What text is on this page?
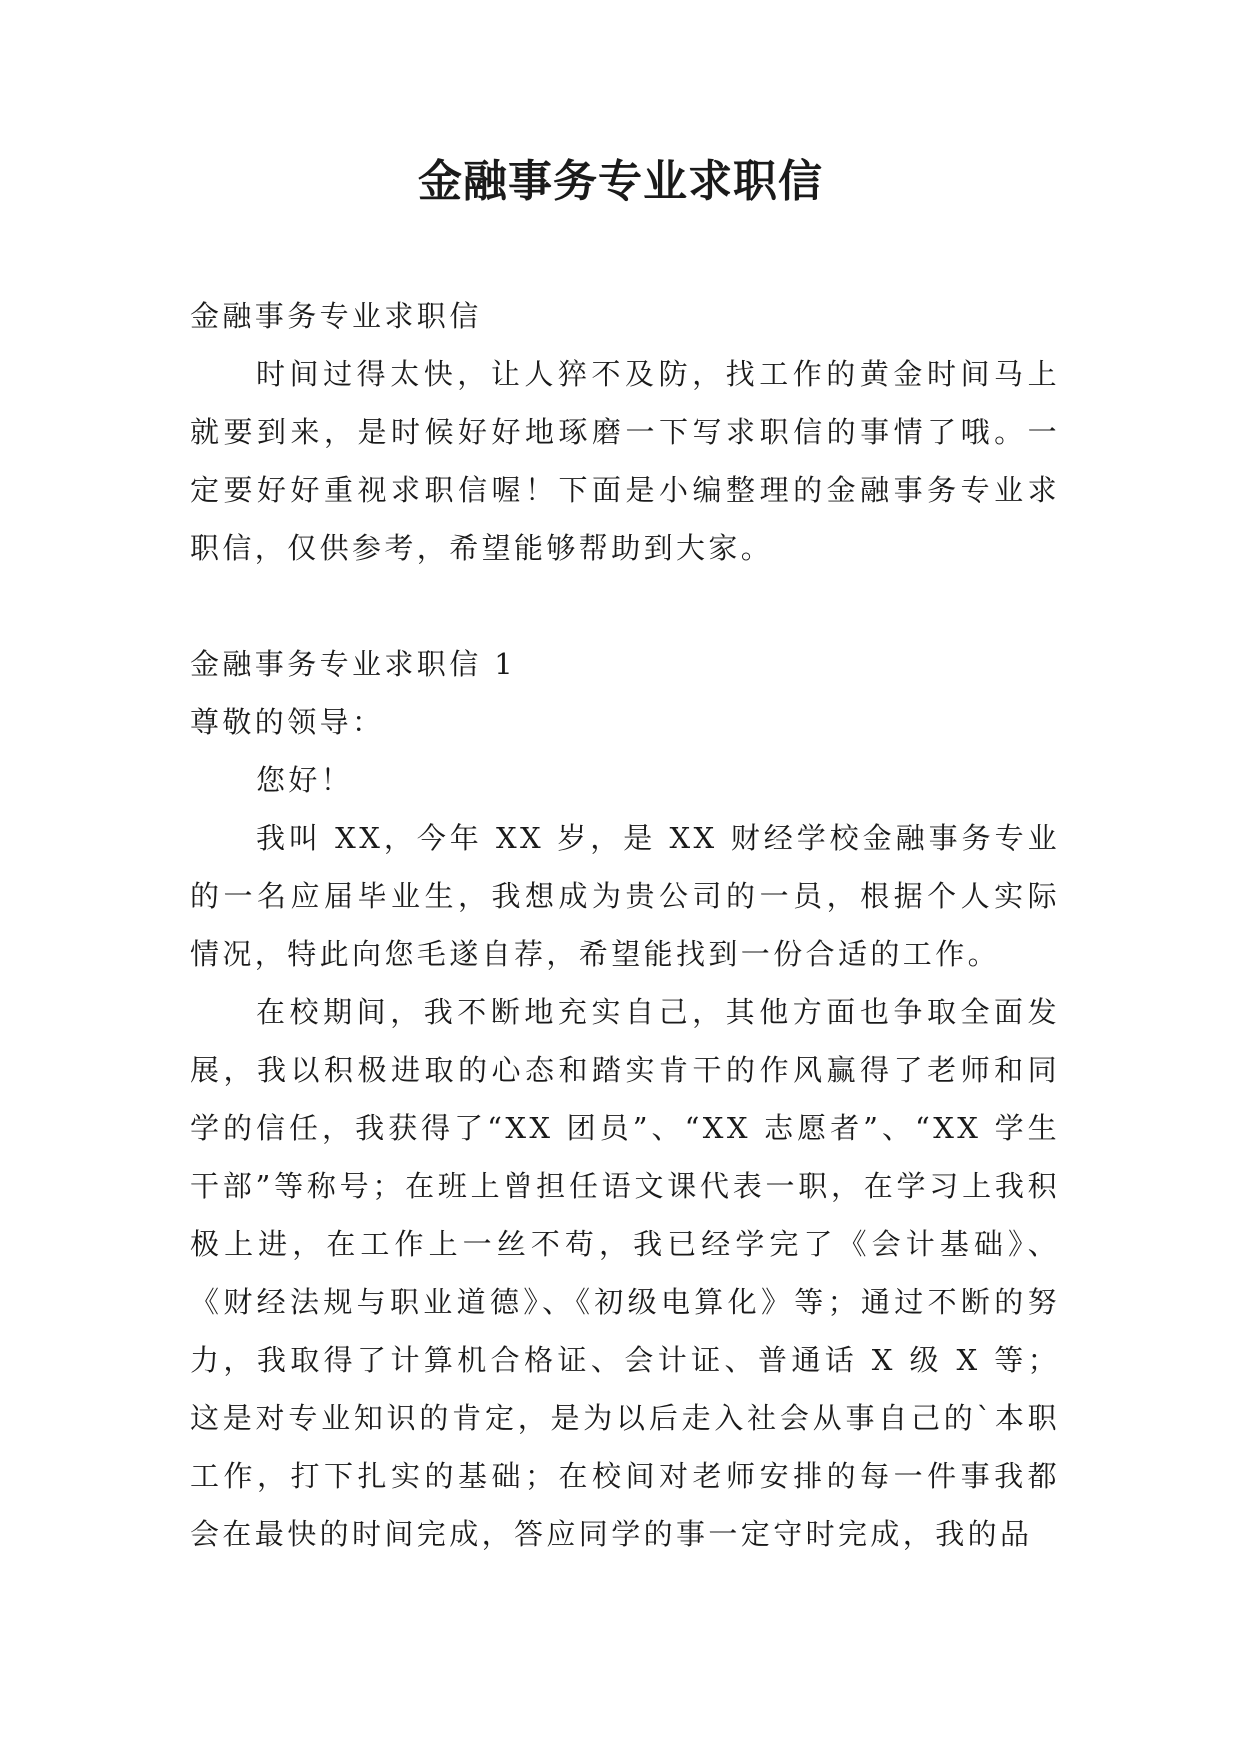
金融事务专业求职信

金融事务专业求职信

时间过得太快，让人猝不及防，找工作的黄金时间马上就要到来，是时候好好地琢磨一下写求职信的事情了哦。一定要好好重视求职信喔！下面是小编整理的金融事务专业求职信，仅供参考，希望能够帮助到大家。

金融事务专业求职信 1

尊敬的领导：

您好！

我叫 XX，今年 XX 岁，是 XX 财经学校金融事务专业的一名应届毕业生，我想成为贵公司的一员，根据个人实际情况，特此向您毛遂自荐，希望能找到一份合适的工作。

在校期间，我不断地充实自己，其他方面也争取全面发展，我以积极进取的心态和踏实肯干的作风赢得了老师和同学的信任，我获得了“XX 团员”、“XX 志愿者”、“XX 学生干部”等称号；在班上曾担任语文课代表一职，在学习上我积极上进，在工作上一丝不苟，我已经学完了《会计基础》、《财经法规与职业道德》、《初级电算化》等；通过不断的努力，我取得了计算机合格证、会计证、普通话 X 级 X 等；这是对专业知识的肯定，是为以后走入社会从事自己的`本职工作，打下扎实的基础；在校间对老师安排的每一件事我都会在最快的时间完成，答应同学的事一定守时完成，我的品
